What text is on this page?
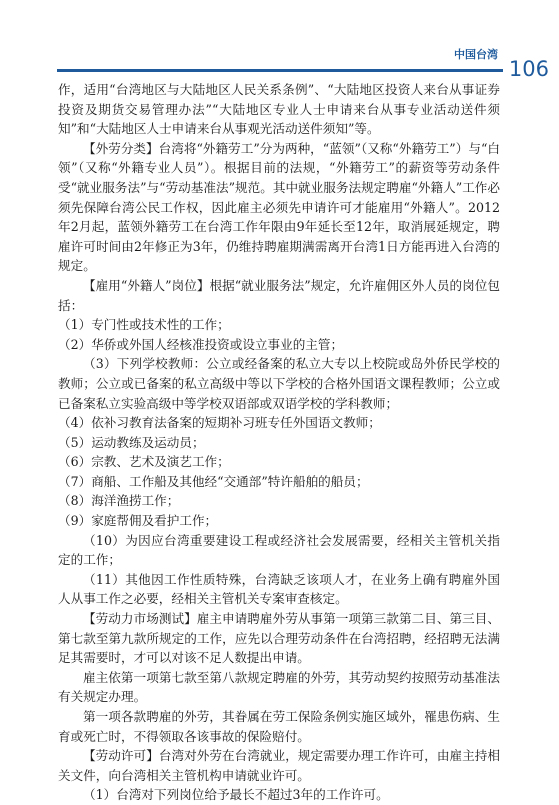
中国台湾
106

作，适用“台湾地区与大陆地区人民关系条例”、“大陆地区投资人来台从事证券投资及期货交易管理办法”“大陆地区专业人士申请来台从事专业活动送件须知”和“大陆地区人士申请来台从事观光活动送件须知”等。

【外劳分类】台湾将“外籍劳工”分为两种，“蓝领”（又称“外籍劳工”）与“白领”（又称“外籍专业人员”）。根据目前的法规，“外籍劳工”的薪资等劳动条件受“就业服务法”与“劳动基准法”规范。其中就业服务法规定聘雇“外籍人”工作必须先保障台湾公民工作权，因此雇主必须先申请许可才能雇用“外籍人”。2012年2月起，蓝领外籍劳工在台湾工作年限由9年延长至12年，取消展延规定，聘雇许可时间由2年修正为3年，仍维持聘雇期满需离开台湾1日方能再进入台湾的规定。

【雇用“外籍人”岗位】根据“就业服务法”规定，允许雇佣区外人员的岗位包括：

（1）专门性或技术性的工作；

（2）华侨或外国人经核准投资或设立事业的主管；

（3）下列学校教师：公立或经备案的私立大专以上校院或岛外侨民学校的教师；公立或已备案的私立高级中等以下学校的合格外国语文课程教师；公立或已备案私立实验高级中等学校双语部或双语学校的学科教师；

（4）依补习教育法备案的短期补习班专任外国语文教师；

（5）运动教练及运动员；

（6）宗教、艺术及演艺工作；

（7）商船、工作船及其他经“交通部”特许船舶的船员；

（8）海洋渔捞工作；

（9）家庭帮佣及看护工作；

（10）为因应台湾重要建设工程或经济社会发展需要，经相关主管机关指定的工作；

（11）其他因工作性质特殊，台湾缺乏该项人才，在业务上确有聘雇外国人从事工作之必要，经相关主管机关专案审查核定。

【劳动力市场测试】雇主申请聘雇外劳从事第一项第三款第二目、第三目、第七款至第九款所规定的工作，应先以合理劳动条件在台湾招聘，经招聘无法满足其需要时，才可以对该不足人数提出申请。

雇主依第一项第七款至第八款规定聘雇的外劳，其劳动契约按照劳动基准法有关规定办理。

第一项各款聘雇的外劳，其眷属在劳工保险条例实施区域外，罹患伤病、生育或死亡时，不得领取各该事故的保险赔付。

【劳动许可】台湾对外劳在台湾就业，规定需要办理工作许可，由雇主持相关文件，向台湾相关主管机构申请就业许可。

（1）台湾对下列岗位给予最长不超过3年的工作许可。
